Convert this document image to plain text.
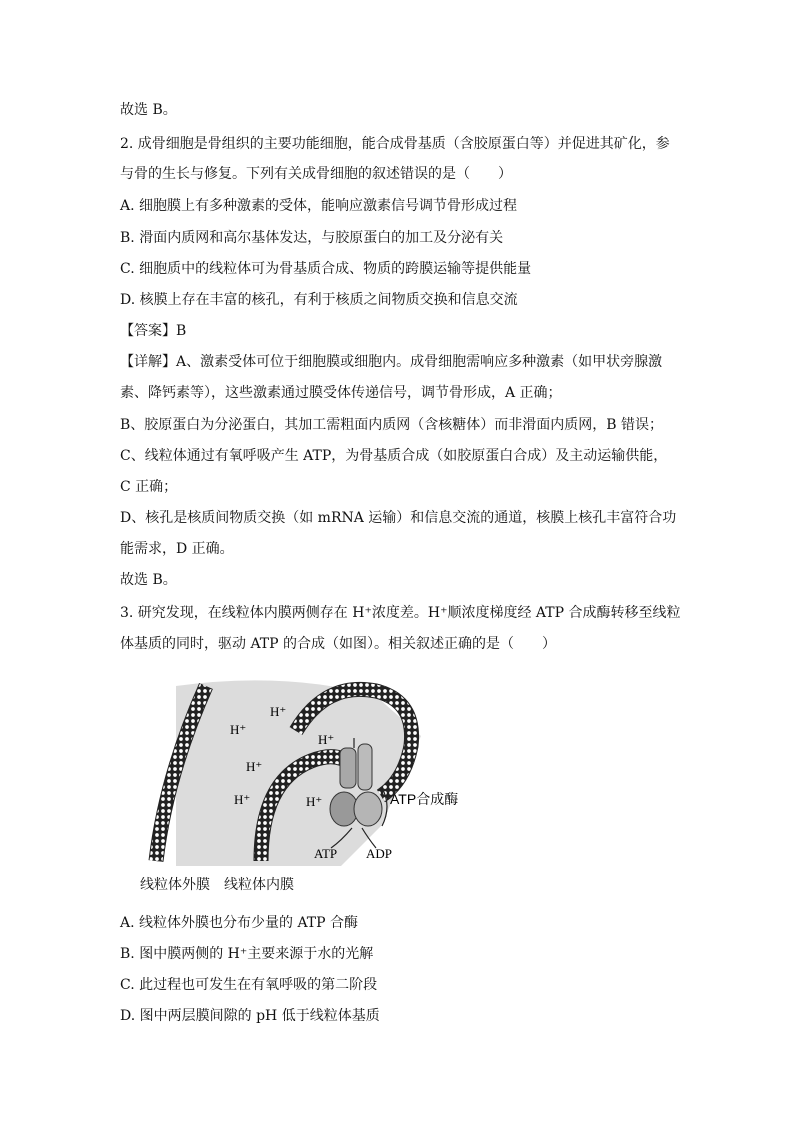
故选 B。
2. 成骨细胞是骨组织的主要功能细胞，能合成骨基质（含胶原蛋白等）并促进其矿化，参
与骨的生长与修复。下列有关成骨细胞的叙述错误的是（　　）
A. 细胞膜上有多种激素的受体，能响应激素信号调节骨形成过程
B. 滑面内质网和高尔基体发达，与胶原蛋白的加工及分泌有关
C. 细胞质中的线粒体可为骨基质合成、物质的跨膜运输等提供能量
D. 核膜上存在丰富的核孔，有利于核质之间物质交换和信息交流
【答案】B
【详解】A、激素受体可位于细胞膜或细胞内。成骨细胞需响应多种激素（如甲状旁腺激
素、降钙素等），这些激素通过膜受体传递信号，调节骨形成，A 正确；
B、胶原蛋白为分泌蛋白，其加工需粗面内质网（含核糖体）而非滑面内质网，B 错误；
C、线粒体通过有氧呼吸产生 ATP，为骨基质合成（如胶原蛋白合成）及主动运输供能，
C 正确；
D、核孔是核质间物质交换（如 mRNA 运输）和信息交流的通道，核膜上核孔丰富符合功
能需求，D 正确。
故选 B。
3. 研究发现，在线粒体内膜两侧存在 H⁺浓度差。H⁺顺浓度梯度经 ATP 合成酶转移至线粒
体基质的同时，驱动 ATP 的合成（如图）。相关叙述正确的是（　　）
H⁺
H⁺
H⁺
H⁺
H⁺
H⁺	ATP合成酶
ATP ADP
线粒体外膜 线粒体内膜
A. 线粒体外膜也分布少量的 ATP 合酶
B. 图中膜两侧的 H⁺主要来源于水的光解
C. 此过程也可发生在有氧呼吸的第二阶段
D. 图中两层膜间隙的 pH 低于线粒体基质
